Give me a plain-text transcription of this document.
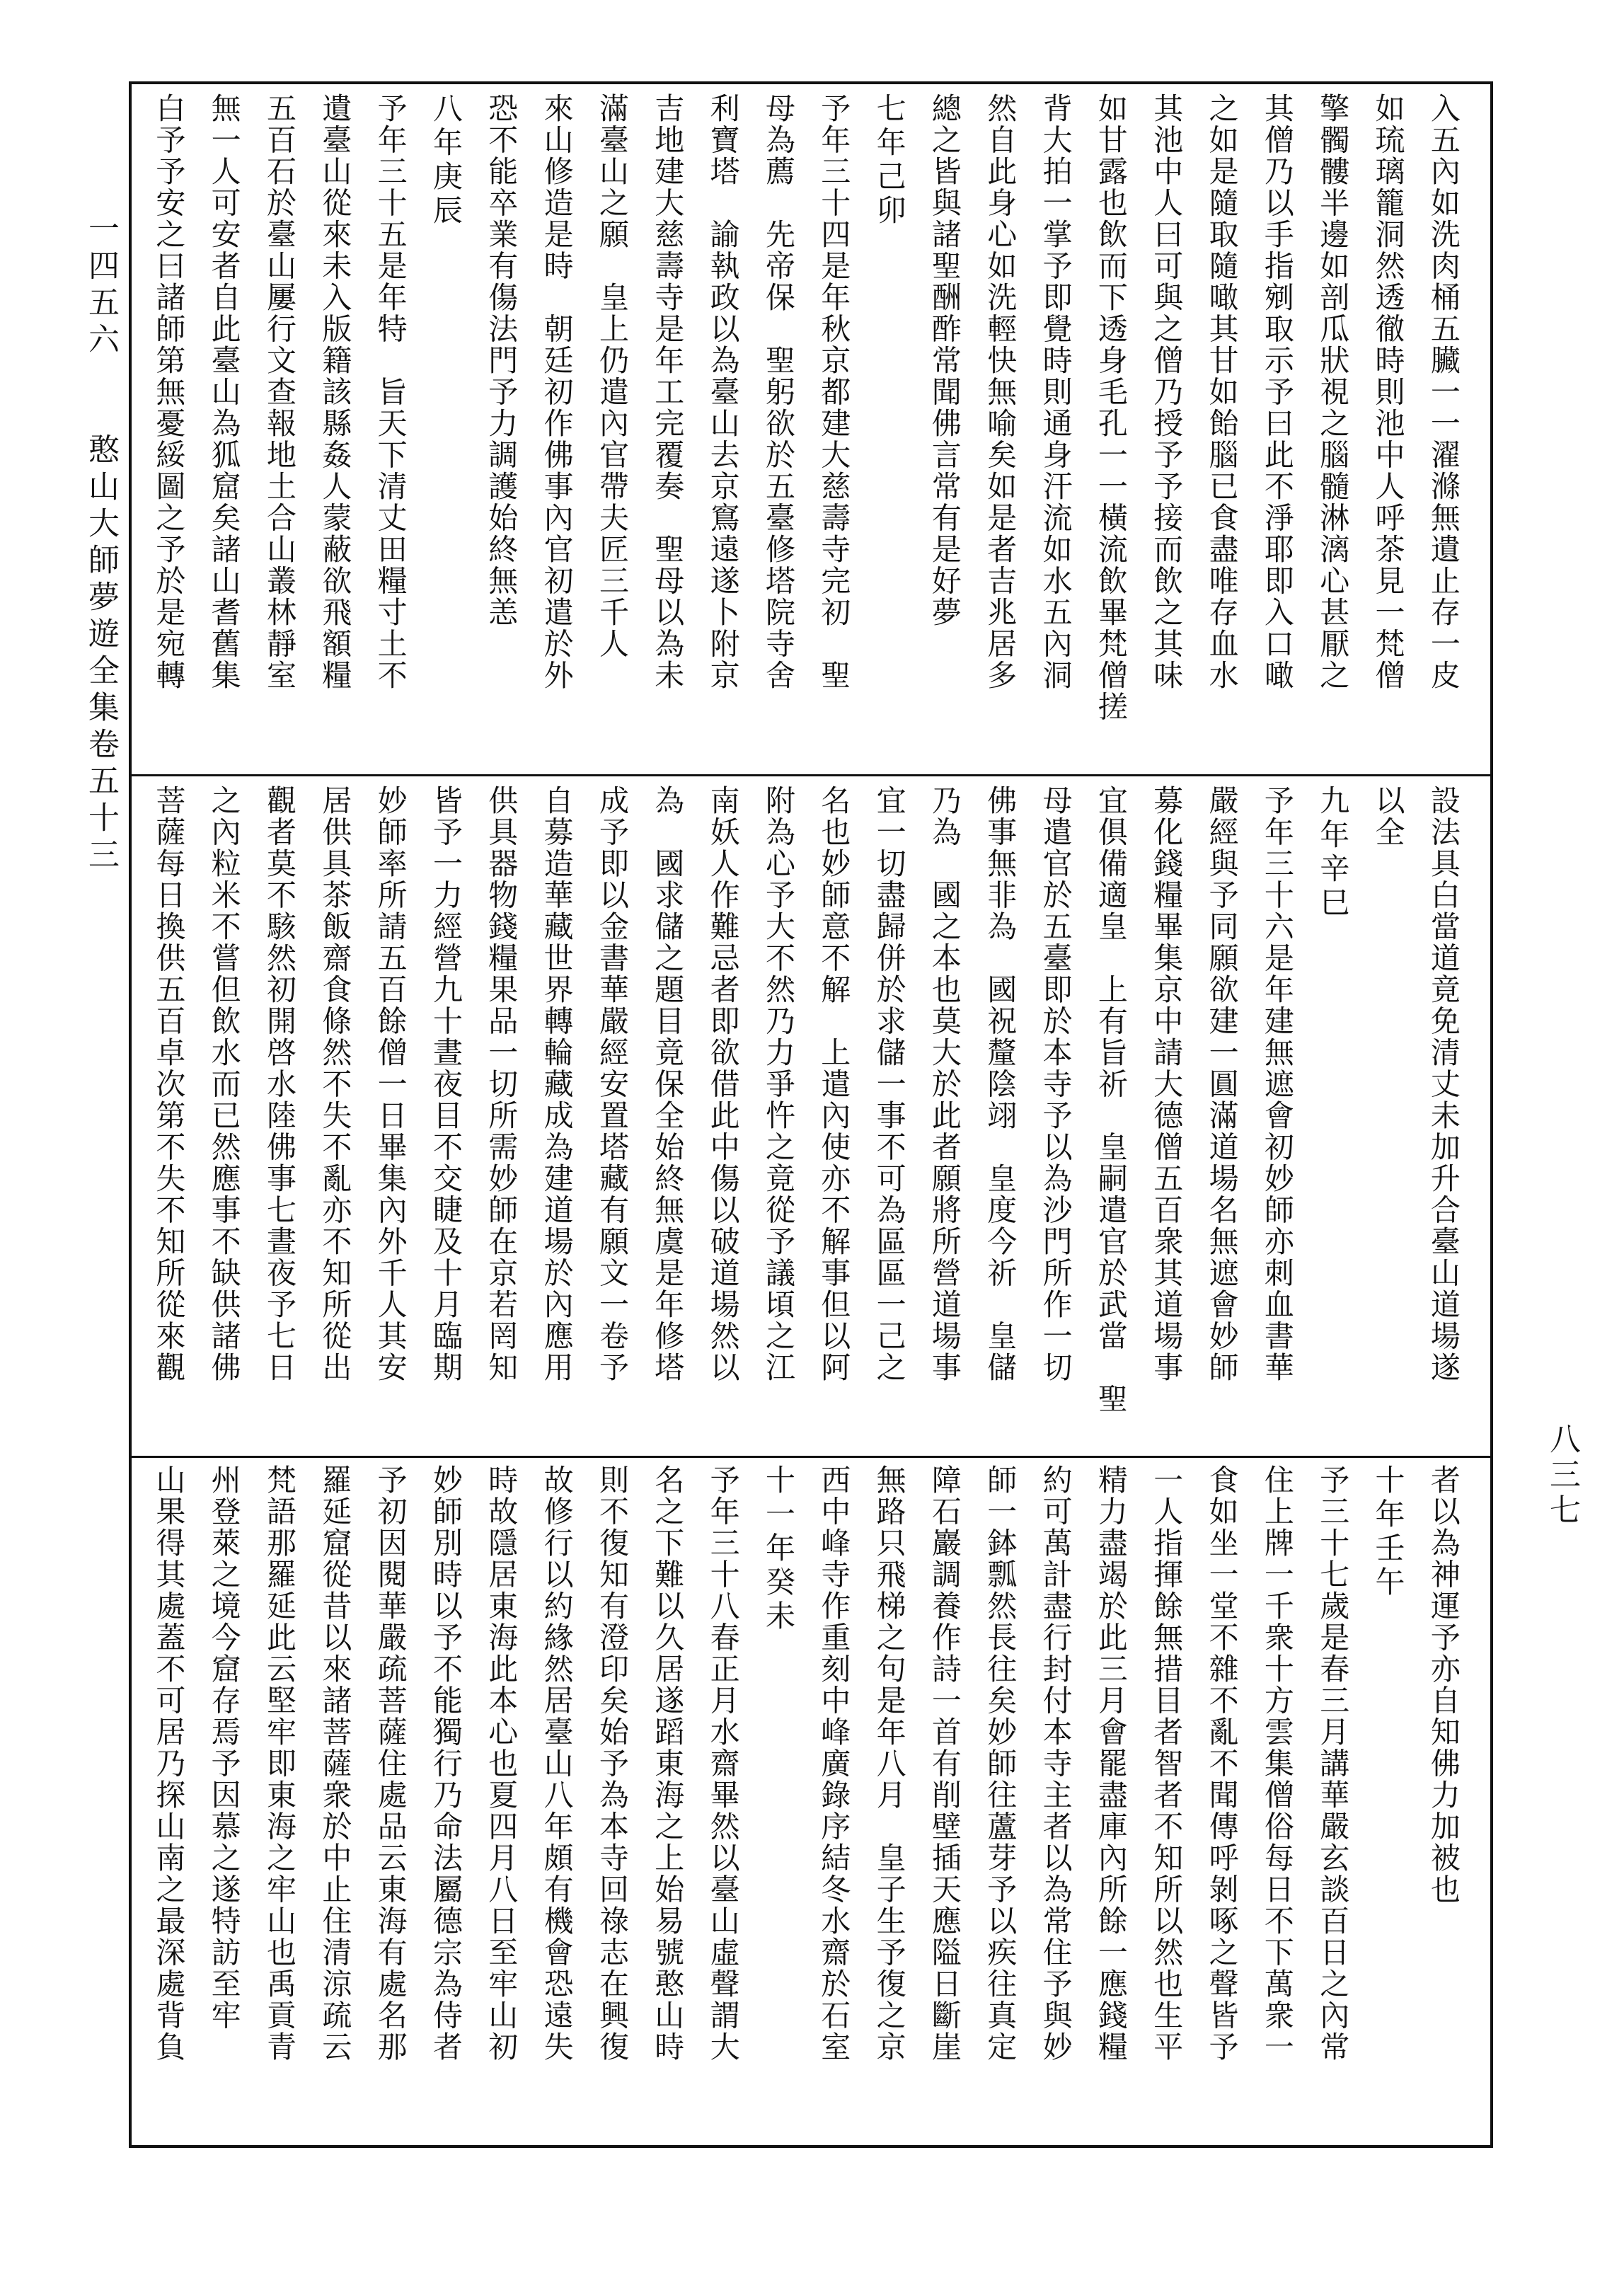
入五內如洗肉桶五臟一一濯滌無遺止存一皮
如琉璃籠洞然透徹時則池中人呼茶見一梵僧
擎髑髏半邊如剖瓜狀視之腦髓淋漓心甚厭之
其僧乃以手指剜取示予曰此不淨耶即入口噉
之如是隨取隨噉其甘如飴腦已食盡唯存血水
其池中人曰可與之僧乃授予予接而飲之其味
如甘露也飲而下透身毛孔一一橫流飲畢梵僧搓
背大拍一掌予即覺時則通身汗流如水五內洞
然自此身心如洗輕快無喻矣如是者吉兆居多
總之皆與諸聖酬酢常聞佛言常有是好夢
七年己卯
予年三十四是年秋京都建大慈壽寺完初　聖
母為薦　先帝保　聖躬欲於五臺修塔院寺舍
利寶塔　諭執政以為臺山去京窵遠遂卜附京
吉地建大慈壽寺是年工完覆奏　聖母以為未
滿臺山之願　皇上仍遣內官帶夫匠三千人
來山修造是時　朝廷初作佛事內官初遣於外
恐不能卒業有傷法門予力調護始終無恙
八年庚辰
予年三十五是年特　旨天下清丈田糧寸土不
遺臺山從來未入版籍該縣姦人蒙蔽欲飛額糧
五百石於臺山屢行文查報地土合山叢林靜室
無一人可安者自此臺山為狐窟矣諸山耆舊集
白予予安之曰諸師第無憂綏圖之予於是宛轉
設法具白當道竟免清丈未加升合臺山道場遂
以全
九年辛巳
予年三十六是年建無遮會初妙師亦刺血書華
嚴經與予同願欲建一圓滿道場名無遮會妙師
募化錢糧畢集京中請大德僧五百衆其道場事
宜俱備適皇　上有旨祈　皇嗣遣官於武當　聖
母遣官於五臺即於本寺予以為沙門所作一切
佛事無非為　國祝釐陰翊　皇度今祈　皇儲
乃為　國之本也莫大於此者願將所營道場事
宜一切盡歸併於求儲一事不可為區區一己之
名也妙師意不解　上遣內使亦不解事但以阿
附為心予大不然乃力爭忤之竟從予議頃之江
南妖人作難忌者即欲借此中傷以破道場然以
為　國求儲之題目竟保全始終無虞是年修塔
成予即以金書華嚴經安置塔藏有願文一卷予
自募造華藏世界轉輪藏成為建道場於內應用
供具器物錢糧果品一切所需妙師在京若罔知
皆予一力經營九十晝夜目不交睫及十月臨期
妙師率所請五百餘僧一日畢集內外千人其安
居供具茶飯齋食條然不失不亂亦不知所從出
觀者莫不駭然初開啓水陸佛事七晝夜予七日
之內粒米不嘗但飲水而已然應事不缺供諸佛
菩薩每日換供五百卓次第不失不知所從來觀
者以為神運予亦自知佛力加被也
十年壬午
予三十七歲是春三月講華嚴玄談百日之內常
住上牌一千衆十方雲集僧俗每日不下萬衆一
食如坐一堂不雜不亂不聞傳呼剝啄之聲皆予
一人指揮餘無措目者智者不知所以然也生平
精力盡竭於此三月會罷盡庫內所餘一應錢糧
約可萬計盡行封付本寺主者以為常住予與妙
師一鉢瓢然長往矣妙師往蘆芽予以疾往真定
障石巖調養作詩一首有削壁插天應隘日斷崖
無路只飛梯之句是年八月　皇子生予復之京
西中峰寺作重刻中峰廣錄序結冬水齋於石室
十一年癸未
予年三十八春正月水齋畢然以臺山虛聲謂大
名之下難以久居遂蹈東海之上始易號憨山時
則不復知有澄印矣始予為本寺回祿志在興復
故修行以約緣然居臺山八年頗有機會恐遠失
時故隱居東海此本心也夏四月八日至牢山初
妙師別時以予不能獨行乃命法屬德宗為侍者
予初因閱華嚴疏菩薩住處品云東海有處名那
羅延窟從昔以來諸菩薩衆於中止住清涼疏云
梵語那羅延此云堅牢即東海之牢山也禹貢青
州登萊之境今窟存焉予因慕之遂特訪至牢
山果得其處蓋不可居乃探山南之最深處背負
一四五六　　憨山大師夢遊全集卷五十三
八三七
